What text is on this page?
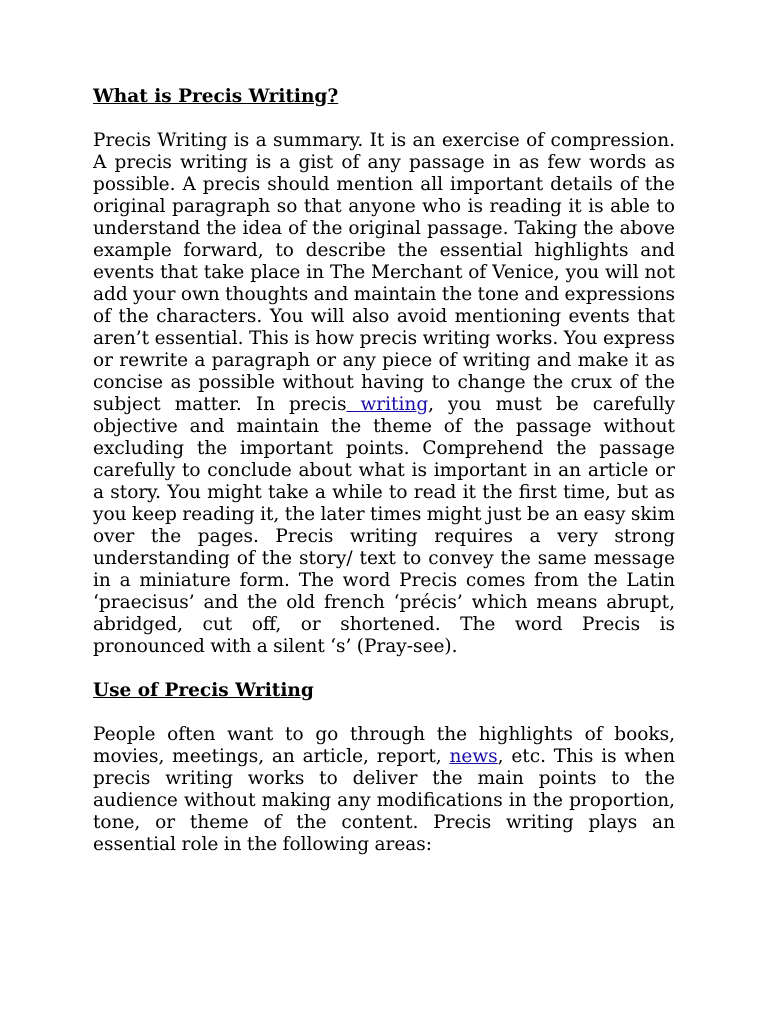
What is Precis Writing?

Precis Writing is a summary. It is an exercise of compression. A precis writing is a gist of any passage in as few words as possible. A precis should mention all important details of the original paragraph so that anyone who is reading it is able to understand the idea of the original passage. Taking the above example forward, to describe the essential highlights and events that take place in The Merchant of Venice, you will not add your own thoughts and maintain the tone and expressions of the characters. You will also avoid mentioning events that aren’t essential. This is how precis writing works. You express or rewrite a paragraph or any piece of writing and make it as concise as possible without having to change the crux of the subject matter. In precis writing, you must be carefully objective and maintain the theme of the passage without excluding the important points. Comprehend the passage carefully to conclude about what is important in an article or a story. You might take a while to read it the first time, but as you keep reading it, the later times might just be an easy skim over the pages. Precis writing requires a very strong understanding of the story/ text to convey the same message in a miniature form. The word Precis comes from the Latin ‘praecisus’ and the old french ‘précis’ which means abrupt, abridged, cut off, or shortened. The word Precis is pronounced with a silent ‘s’ (Pray-see).

Use of Precis Writing

People often want to go through the highlights of books, movies, meetings, an article, report, news, etc. This is when precis writing works to deliver the main points to the audience without making any modifications in the proportion, tone, or theme of the content. Precis writing plays an essential role in the following areas:
